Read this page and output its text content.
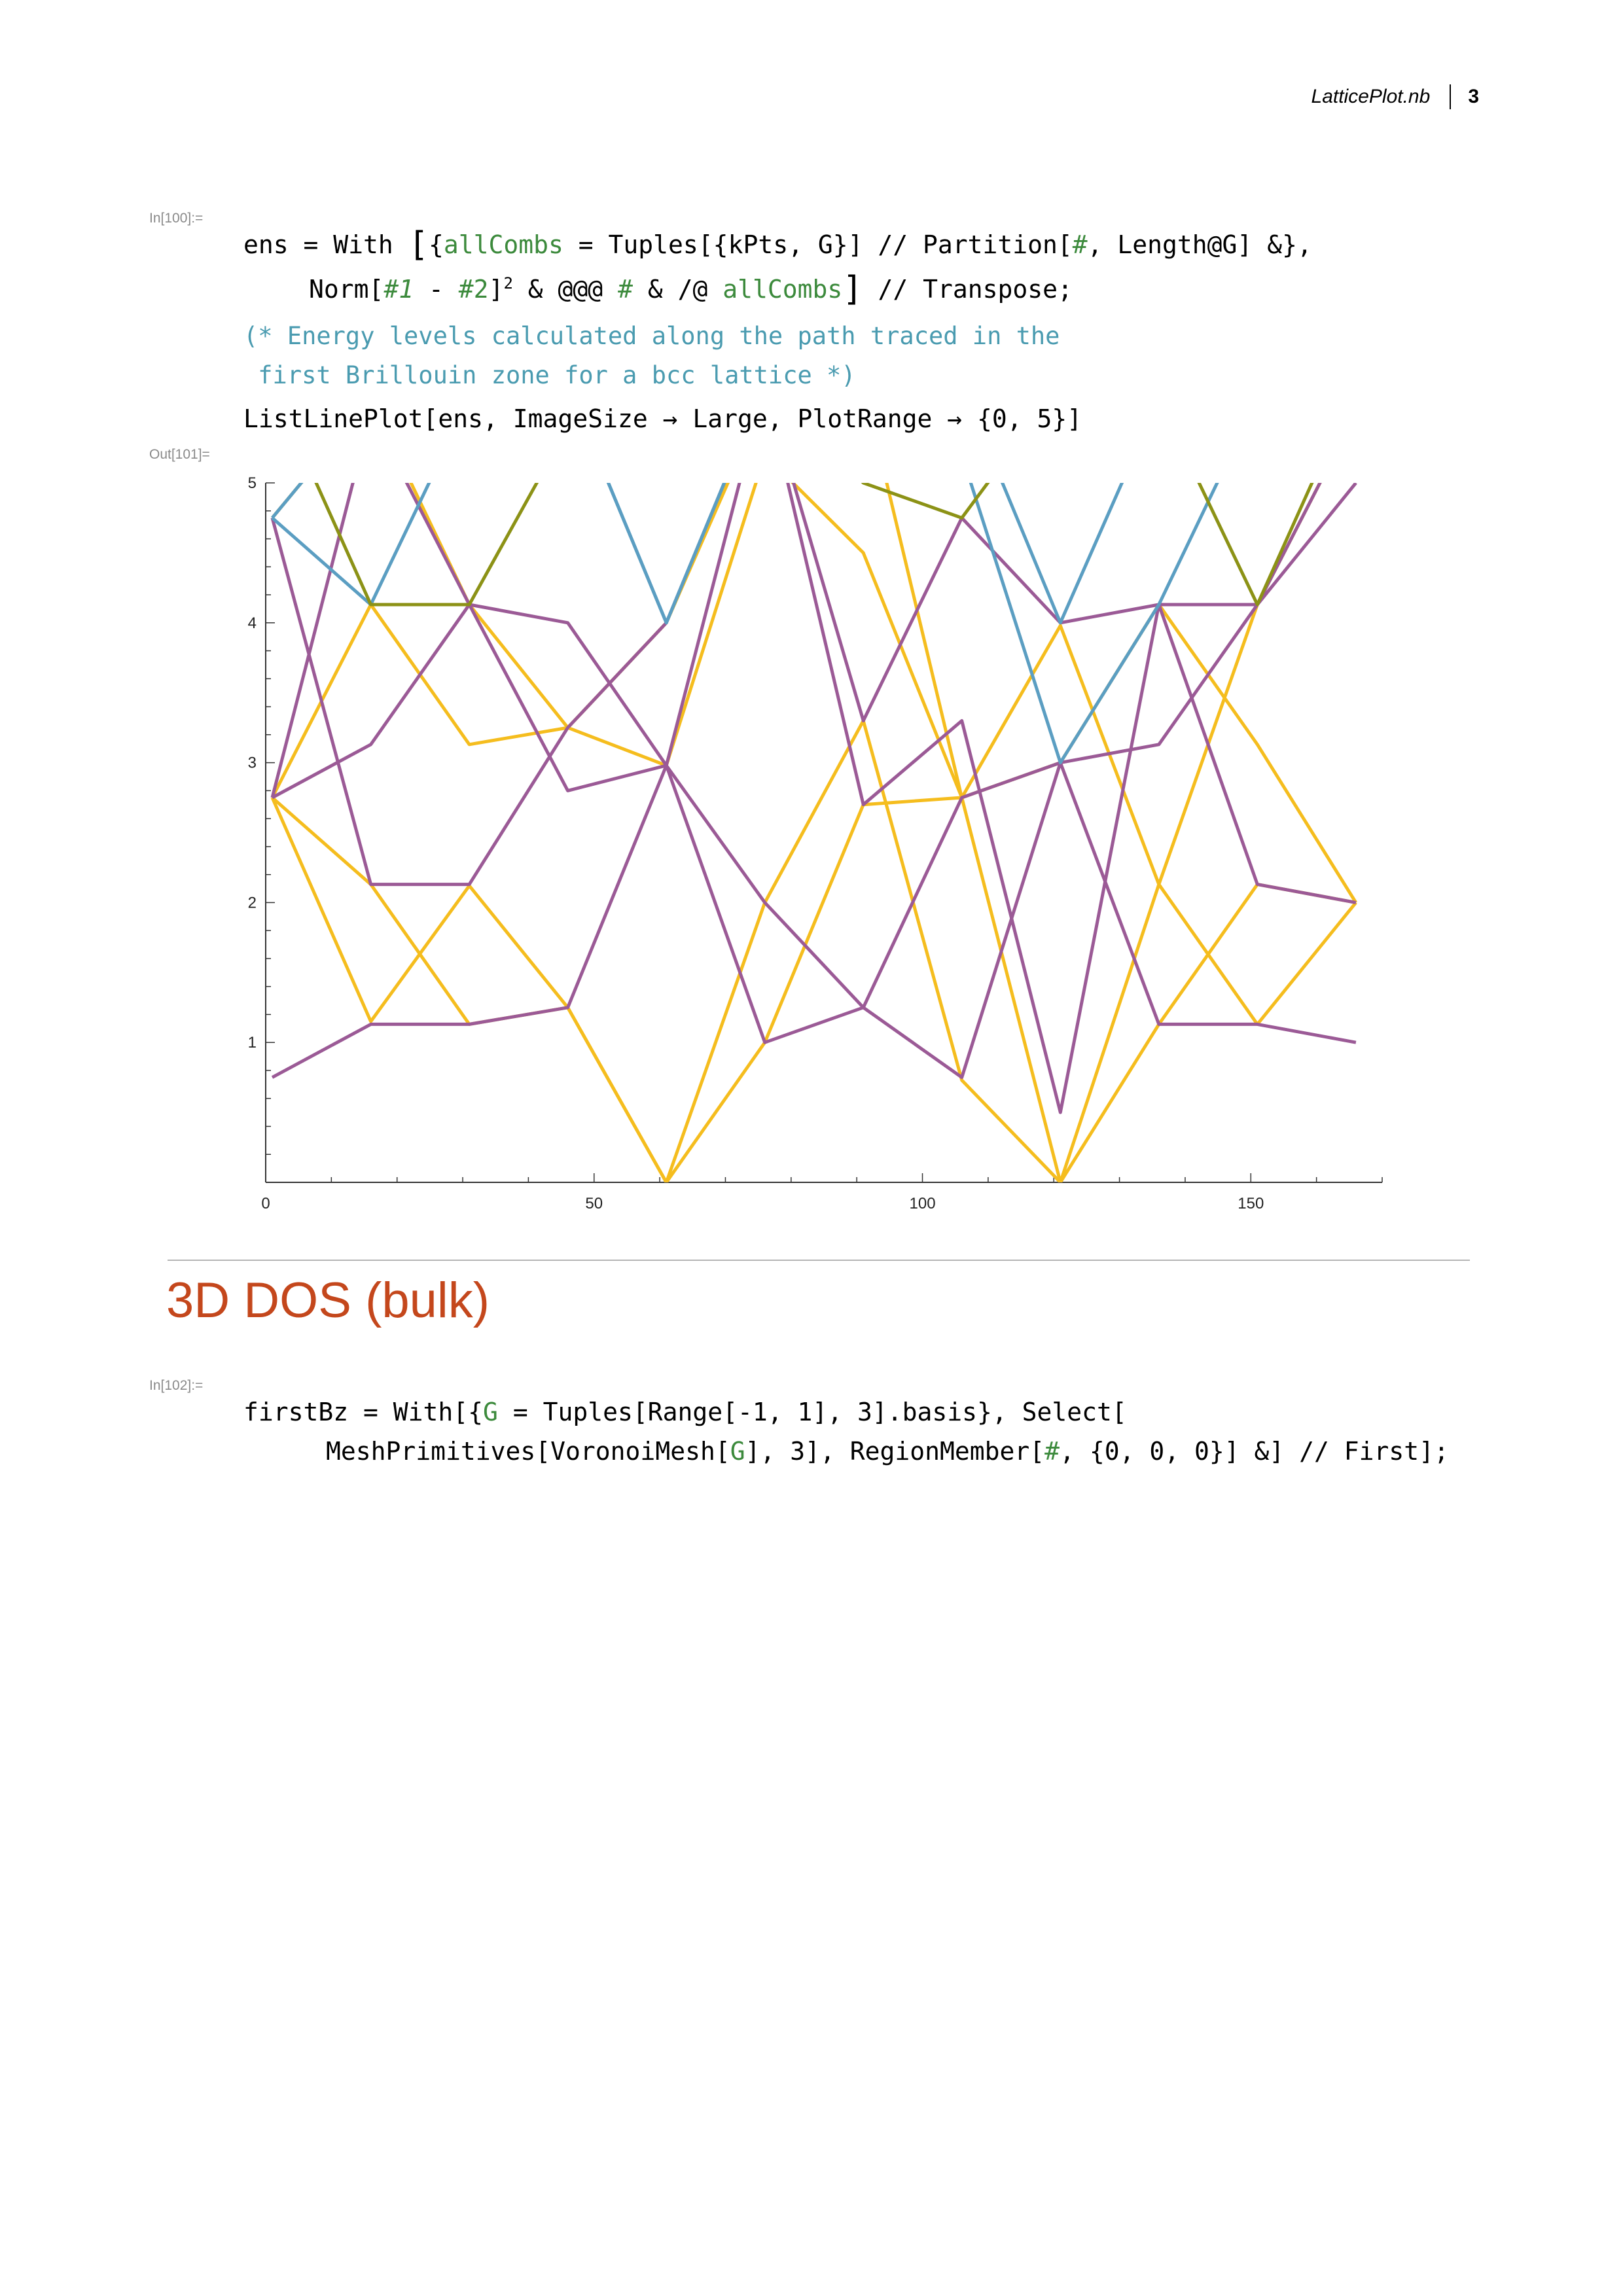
LatticePlot.nb	3
In[100]:=
ens = With [{allCombs = Tuples[{kPts, G}] // Partition[#, Length@G] &},
Norm[#1 - #2]$^2$ & @@@ # & /@ allCombs] // Transpose;
(* Energy levels calculated along the path traced in the
first Brillouin zone for a bcc lattice *)
ListLinePlot[ens, ImageSize → Large, PlotRange → {0, 5}]
Out[101]=
0	50	100	150
1
2
3
4
5
3D DOS (bulk)
In[102]:=
firstBz = With[{G = Tuples[Range[-1, 1], 3].basis}, Select[
MeshPrimitives[VoronoiMesh[G], 3], RegionMember[#, {0, 0, 0}] &] // First];
